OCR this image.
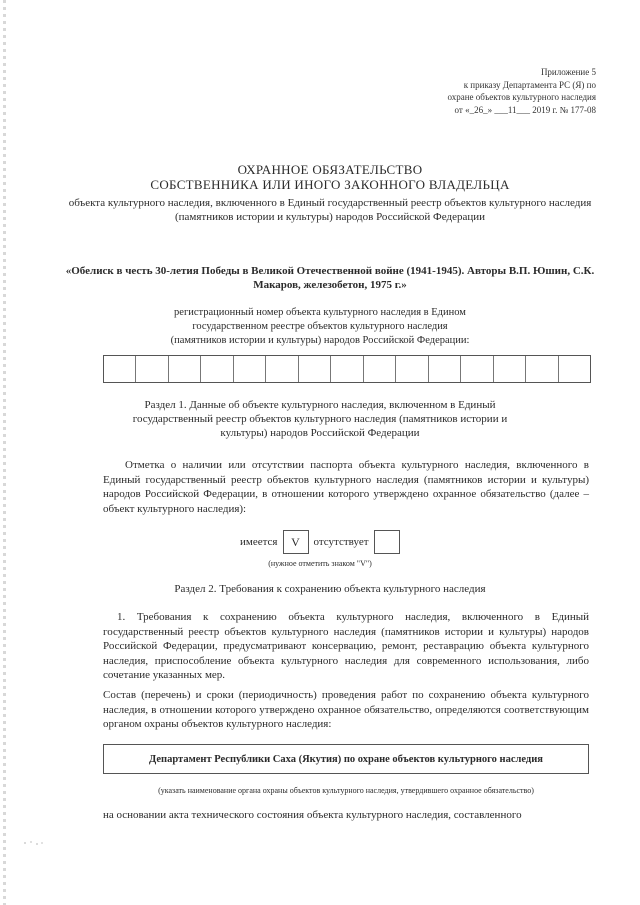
Приложение 5
к приказу Департамента РС (Я) по
охране объектов культурного наследия
от «_26_» ___11___ 2019 г. № 177-08
ОХРАННОЕ ОБЯЗАТЕЛЬСТВО
СОБСТВЕННИКА ИЛИ ИНОГО ЗАКОННОГО ВЛАДЕЛЬЦА
объекта культурного наследия, включенного в Единый государственный реестр объектов культурного наследия (памятников истории и культуры) народов Российской Федерации
«Обелиск в честь 30-летия Победы в Великой Отечественной войне (1941-1945). Авторы В.П. Юшин, С.К. Макаров, железобетон, 1975 г.»
регистрационный номер объекта культурного наследия в Едином государственном реестре объектов культурного наследия (памятников истории и культуры) народов Российской Федерации:
Раздел 1. Данные об объекте культурного наследия, включенном в Единый государственный реестр объектов культурного наследия (памятников истории и культуры) народов Российской Федерации
Отметка о наличии или отсутствии паспорта объекта культурного наследия, включенного в Единый государственный реестр объектов культурного наследия (памятников истории и культуры) народов Российской Федерации, в отношении которого утверждено охранное обязательство (далее – объект культурного наследия):
имеется	V	отсутствует
(нужное отметить знаком "V")
Раздел 2. Требования к сохранению объекта культурного наследия
1. Требования к сохранению объекта культурного наследия, включенного в Единый государственный реестр объектов культурного наследия (памятников истории и культуры) народов Российской Федерации, предусматривают консервацию, ремонт, реставрацию объекта культурного наследия, приспособление объекта культурного наследия для современного использования, либо сочетание указанных мер.
Состав (перечень) и сроки (периодичность) проведения работ по сохранению объекта культурного наследия, в отношении которого утверждено охранное обязательство, определяются соответствующим органом охраны объектов культурного наследия:
Департамент Республики Саха (Якутия) по охране объектов культурного наследия
(указать наименование органа охраны объектов культурного наследия, утвердившего охранное обязательство)
на основании акта технического состояния объекта культурного наследия, составленного
